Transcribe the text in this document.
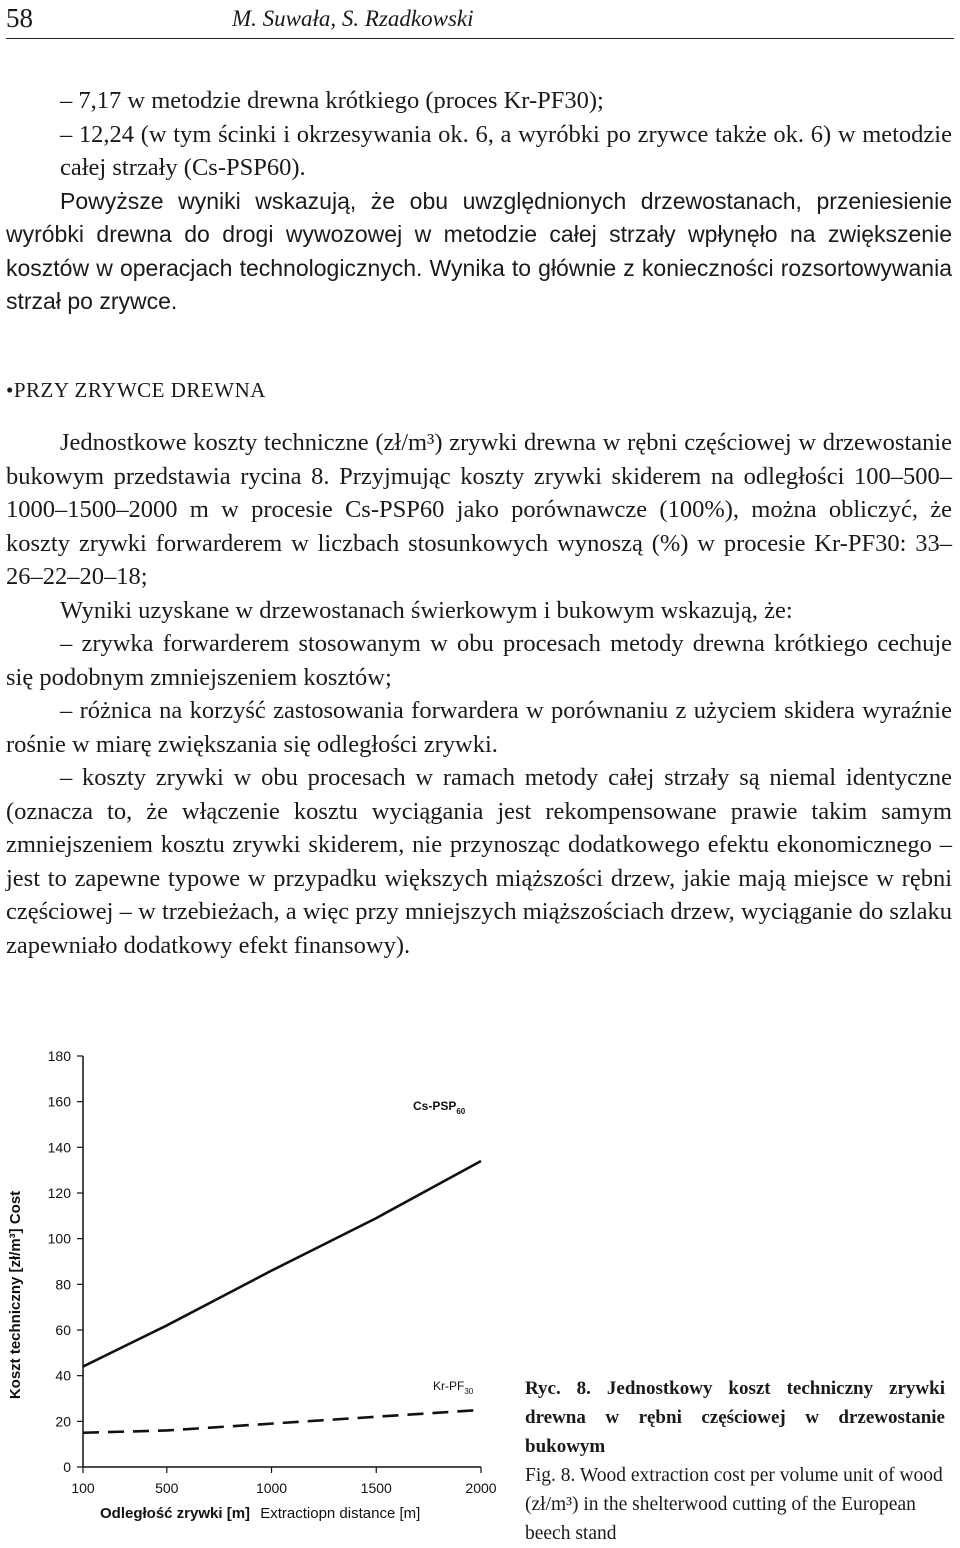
58	M. Suwała, S. Rzadkowski

– 7,17 w metodzie drewna krótkiego (proces Kr-PF30);

– 12,24 (w tym ścinki i okrzesywania ok. 6, a wyróbki po zrywce także ok. 6) w metodzie całej strzały (Cs-PSP60).

Powyższe wyniki wskazują, że obu uwzględnionych drzewostanach, przeniesienie wyróbki drewna do drogi wywozowej w metodzie całej strzały wpłynęło na zwiększenie kosztów w operacjach technologicznych. Wynika to głównie z konieczności rozsortowywania strzał po zrywce.

•PRZY ZRYWCE DREWNA

Jednostkowe koszty techniczne (zł/m³) zrywki drewna w rębni częściowej w drzewostanie bukowym przedstawia rycina 8. Przyjmując koszty zrywki skiderem na odległości 100–500–1000–1500–2000 m w procesie Cs-PSP60 jako porównawcze (100%), można obliczyć, że koszty zrywki forwarderem w liczbach stosunkowych wynoszą (%) w procesie Kr-PF30: 33–26–22–20–18;

Wyniki uzyskane w drzewostanach świerkowym i bukowym wskazują, że:

– zrywka forwarderem stosowanym w obu procesach metody drewna krótkiego cechuje się podobnym zmniejszeniem kosztów;

– różnica na korzyść zastosowania forwardera w porównaniu z użyciem skidera wyraźnie rośnie w miarę zwiększania się odległości zrywki.

– koszty zrywki w obu procesach w ramach metody całej strzały są niemal identyczne (oznacza to, że włączenie kosztu wyciągania jest rekompensowane prawie takim samym zmniejszeniem kosztu zrywki skiderem, nie przynosząc dodatkowego efektu ekonomicznego – jest to zapewne typowe w przypadku większych miąższości drzew, jakie mają miejsce w rębni częściowej – w trzebieżach, a więc przy mniejszych miąższościach drzew, wyciąganie do szlaku zapewniało dodatkowy efekt finansowy).

0
20
40
60
80
100
120
140
160
180
100	500	1000	1500	2000
$Cs-PSP_{60}$
$Kr-PF_{30}$
Koszt techniczny [zł/m³] Cost
Odległość zrywki [m] Extractiopn distance [m]
Ryc. 8. Jednostkowy koszt techniczny zrywki drewna w rębni częściowej w drzewostanie bukowym
Fig. 8. Wood extraction cost per volume unit of wood (zł/m³) in the shelterwood cutting of the European beech stand
